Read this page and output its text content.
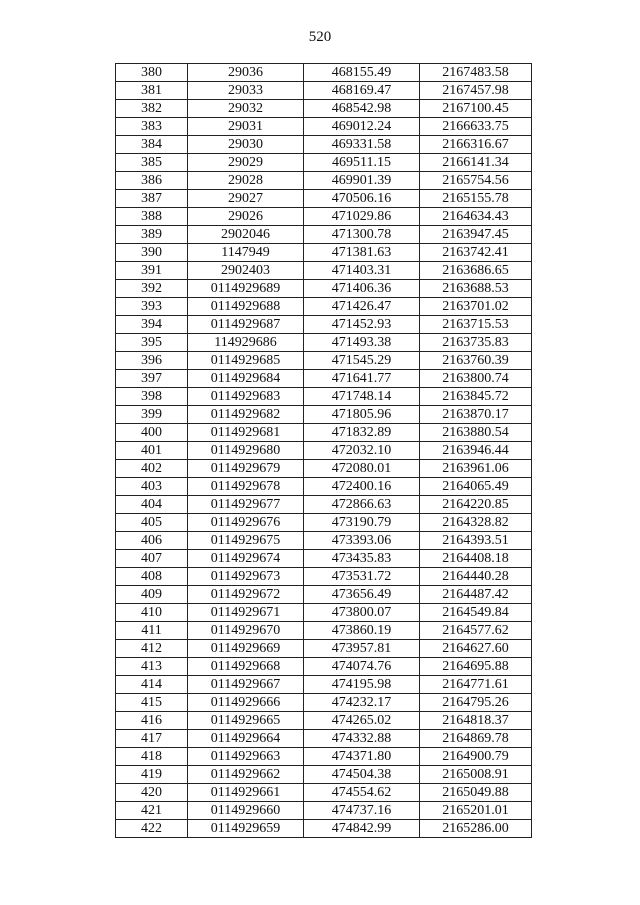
520
380	29036	468155.49	2167483.58
381	29033	468169.47	2167457.98
382	29032	468542.98	2167100.45
383	29031	469012.24	2166633.75
384	29030	469331.58	2166316.67
385	29029	469511.15	2166141.34
386	29028	469901.39	2165754.56
387	29027	470506.16	2165155.78
388	29026	471029.86	2164634.43
389	2902046	471300.78	2163947.45
390	1147949	471381.63	2163742.41
391	2902403	471403.31	2163686.65
392	0114929689	471406.36	2163688.53
393	0114929688	471426.47	2163701.02
394	0114929687	471452.93	2163715.53
395	114929686	471493.38	2163735.83
396	0114929685	471545.29	2163760.39
397	0114929684	471641.77	2163800.74
398	0114929683	471748.14	2163845.72
399	0114929682	471805.96	2163870.17
400	0114929681	471832.89	2163880.54
401	0114929680	472032.10	2163946.44
402	0114929679	472080.01	2163961.06
403	0114929678	472400.16	2164065.49
404	0114929677	472866.63	2164220.85
405	0114929676	473190.79	2164328.82
406	0114929675	473393.06	2164393.51
407	0114929674	473435.83	2164408.18
408	0114929673	473531.72	2164440.28
409	0114929672	473656.49	2164487.42
410	0114929671	473800.07	2164549.84
411	0114929670	473860.19	2164577.62
412	0114929669	473957.81	2164627.60
413	0114929668	474074.76	2164695.88
414	0114929667	474195.98	2164771.61
415	0114929666	474232.17	2164795.26
416	0114929665	474265.02	2164818.37
417	0114929664	474332.88	2164869.78
418	0114929663	474371.80	2164900.79
419	0114929662	474504.38	2165008.91
420	0114929661	474554.62	2165049.88
421	0114929660	474737.16	2165201.01
422	0114929659	474842.99	2165286.00
